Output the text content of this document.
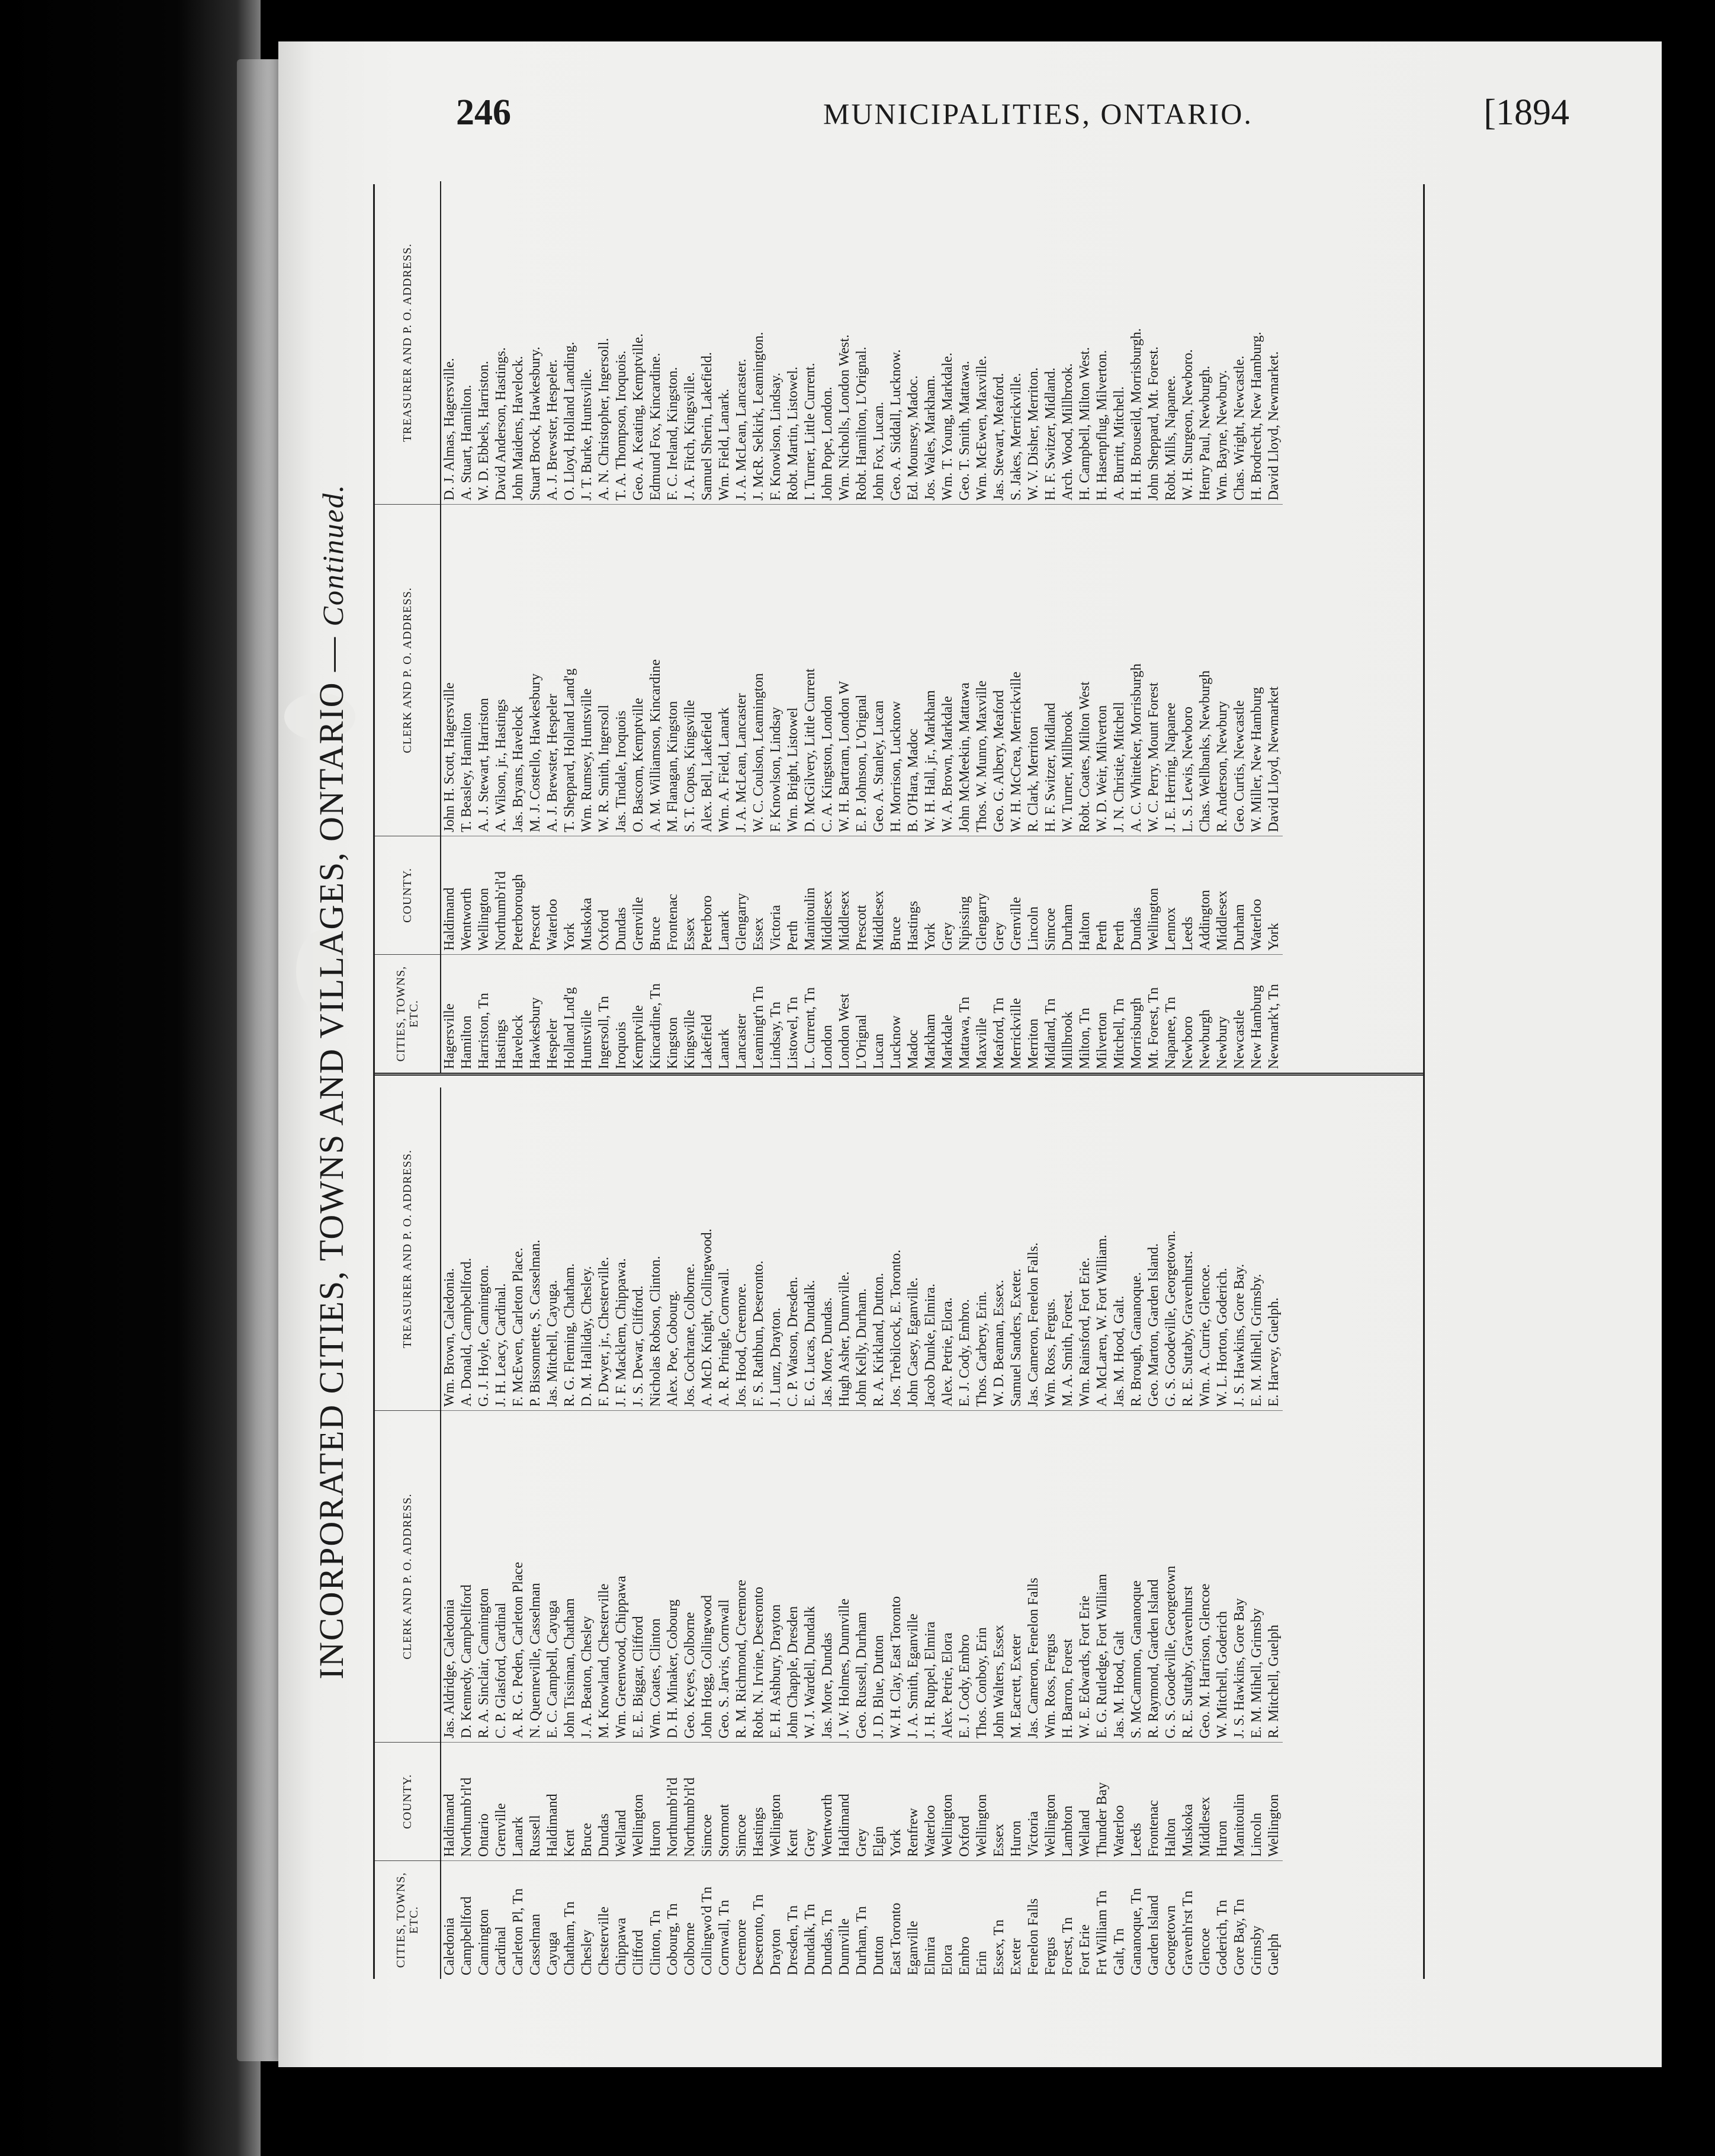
246	MUNICIPALITIES, ONTARIO.	[1894
INCORPORATED CITIES, TOWNS AND VILLAGES, ONTARIO — Continued.
CITIES, TOWNS, ETC.
COUNTY.
CLERK AND P. O. ADDRESS.
TREASURER AND P. O. ADDRESS.
Caledonia
Haldimand
Jas. Aldridge, Caledonia
Wm. Brown, Caledonia.
Campbellford
Northumb'rl'd
D. Kennedy, Campbellford
A. Donald, Campbellford.
Cannington
Ontario
R. A. Sinclair, Cannington
G. J. Hoyle, Cannington.
Cardinal
Grenville
C. P. Glasford, Cardinal
J. H. Leacy, Cardinal.
Carleton Pl, Tn
Lanark
A. R. G. Peden, Carleton Place
F. McEwen, Carleton Place.
Casselman
Russell
N. Quenneville, Casselman
P. Bissonnette, S. Casselman.
Cayuga
Haldimand
E. C. Campbell, Cayuga
Jas. Mitchell, Cayuga.
Chatham, Tn
Kent
John Tissiman, Chatham
R. G. Fleming, Chatham.
Chesley
Bruce
J. A. Beaton, Chesley
D. M. Halliday, Chesley.
Chesterville
Dundas
M. Knowland, Chesterville
F. Dwyer, jr., Chesterville.
Chippawa
Welland
Wm. Greenwood, Chippawa
J. F. Macklem, Chippawa.
Clifford
Wellington
E. E. Biggar, Clifford
J. S. Dewar, Clifford.
Clinton, Tn
Huron
Wm. Coates, Clinton
Nicholas Robson, Clinton.
Cobourg, Tn
Northumb'rl'd
D. H. Minaker, Cobourg
Alex. Poe, Cobourg.
Colborne
Northumb'rl'd
Geo. Keyes, Colborne
Jos. Cochrane, Colborne.
Collingwo'd Tn
Simcoe
John Hogg, Collingwood
A. McD. Knight, Collingwood.
Cornwall, Tn
Stormont
Geo. S. Jarvis, Cornwall
A. R. Pringle, Cornwall.
Creemore
Simcoe
R. M. Richmond, Creemore
Jos. Hood, Creemore.
Deseronto, Tn
Hastings
Robt. N. Irvine, Deseronto
F. S. Rathbun, Deseronto.
Drayton
Wellington
E. H. Ashbury, Drayton
J. Lunz, Drayton.
Dresden, Tn
Kent
John Chapple, Dresden
C. P. Watson, Dresden.
Dundalk, Tn
Grey
W. J. Wardell, Dundalk
E. G. Lucas, Dundalk.
Dundas, Tn
Wentworth
Jas. More, Dundas
Jas. More, Dundas.
Dunnville
Haldimand
J. W. Holmes, Dunnville
Hugh Asher, Dunnville.
Durham, Tn
Grey
Geo. Russell, Durham
John Kelly, Durham.
Dutton
Elgin
J. D. Blue, Dutton
R. A. Kirkland, Dutton.
East Toronto
York
W. H. Clay, East Toronto
Jos. Trebilcock, E. Toronto.
Eganville
Renfrew
J. A. Smith, Eganville
John Casey, Eganville.
Elmira
Waterloo
J. H. Ruppel, Elmira
Jacob Dunke, Elmira.
Elora
Wellington
Alex. Petrie, Elora
Alex. Petrie, Elora.
Embro
Oxford
E. J. Cody, Embro
E. J. Cody, Embro.
Erin
Wellington
Thos. Conboy, Erin
Thos. Carbery, Erin.
Essex, Tn
Essex
John Walters, Essex
W. D. Beaman, Essex.
Exeter
Huron
M. Eacrett, Exeter
Samuel Sanders, Exeter.
Fenelon Falls
Victoria
Jas. Cameron, Fenelon Falls
Jas. Cameron, Fenelon Falls.
Fergus
Wellington
Wm. Ross, Fergus
Wm. Ross, Fergus.
Forest, Tn
Lambton
H. Barron, Forest
M. A. Smith, Forest.
Fort Erie
Welland
W. E. Edwards, Fort Erie
Wm. Rainsford, Fort Erie.
Frt William Tn
Thunder Bay
E. G. Rutledge, Fort William
A. McLaren, W. Fort William.
Galt, Tn
Waterloo
Jas. M. Hood, Galt
Jas. M. Hood, Galt.
Gananoque, Tn
Leeds
S. McCammon, Gananoque
R. Brough, Gananoque.
Garden Island
Frontenac
R. Raymond, Garden Island
Geo. Marton, Garden Island.
Georgetown
Halton
G. S. Goodeville, Georgetown
G. S. Goodeville, Georgetown.
Gravenh'rst Tn
Muskoka
R. E. Suttaby, Gravenhurst
R. E. Suttaby, Gravenhurst.
Glencoe
Middlesex
Geo. M. Harrison, Glencoe
Wm. A. Currie, Glencoe.
Goderich, Tn
Huron
W. Mitchell, Goderich
W. L. Horton, Goderich.
Gore Bay, Tn
Manitoulin
J. S. Hawkins, Gore Bay
J. S. Hawkins, Gore Bay.
Grimsby
Lincoln
E. M. Mihell, Grimsby
E. M. Mihell, Grimsby.
Guelph
Wellington
R. Mitchell, Guelph
E. Harvey, Guelph.
CITIES, TOWNS, ETC.
COUNTY.
CLERK AND P. O. ADDRESS.
TREASURER AND P. O. ADDRESS.
Hagersville
Haldimand
John H. Scott, Hagersville
D. J. Almas, Hagersville.
Hamilton
Wentworth
T. Beasley, Hamilton
A. Stuart, Hamilton.
Harriston, Tn
Wellington
A. J. Stewart, Harriston
W. D. Ebbels, Harriston.
Hastings
Northumb'rl'd
A. Wilson, jr., Hastings
David Anderson, Hastings.
Havelock
Peterborough
Jas. Bryans, Havelock
John Maidens, Havelock.
Hawkesbury
Prescott
M. J. Costello, Hawkesbury
Stuart Brock, Hawkesbury.
Hespeler
Waterloo
A. J. Brewster, Hespeler
A. J. Brewster, Hespeler.
Holland Lnd'g
York
T. Sheppard, Holland Land'g
O. Lloyd, Holland Landing.
Huntsville
Muskoka
Wm. Rumsey, Huntsville
J. T. Burke, Huntsville.
Ingersoll, Tn
Oxford
W. R. Smith, Ingersoll
A. N. Christopher, Ingersoll.
Iroquois
Dundas
Jas. Tindale, Iroquois
T. A. Thompson, Iroquois.
Kemptville
Grenville
O. Bascom, Kemptville
Geo. A. Keating, Kemptville.
Kincardine, Tn
Bruce
A. M. Williamson, Kincardine
Edmund Fox, Kincardine.
Kingston
Frontenac
M. Flanagan, Kingston
F. C. Ireland, Kingston.
Kingsville
Essex
S. T. Copus, Kingsville
J. A. Fitch, Kingsville.
Lakefield
Peterboro
Alex. Bell, Lakefield
Samuel Sherin, Lakefield.
Lanark
Lanark
Wm. A. Field, Lanark
Wm. Field, Lanark.
Lancaster
Glengarry
J. A. McLean, Lancaster
J. A. McLean, Lancaster.
Leamingt'n Tn
Essex
W. C. Coulson, Leamington
J. McR. Selkirk, Leamington.
Lindsay, Tn
Victoria
F. Knowlson, Lindsay
F. Knowlson, Lindsay.
Listowel, Tn
Perth
Wm. Bright, Listowel
Robt. Martin, Listowel.
L. Current, Tn
Manitoulin
D. McGilvery, Little Current
I. Turner, Little Current.
London
Middlesex
C. A. Kingston, London
John Pope, London.
London West
Middlesex
W. H. Bartram, London W
Wm. Nicholls, London West.
L'Orignal
Prescott
E. P. Johnson, L'Orignal
Robt. Hamilton, L'Orignal.
Lucan
Middlesex
Geo. A. Stanley, Lucan
John Fox, Lucan.
Lucknow
Bruce
H. Morrison, Lucknow
Geo. A. Siddall, Lucknow.
Madoc
Hastings
B. O'Hara, Madoc
Ed. Mounsey, Madoc.
Markham
York
W. H. Hall, jr., Markham
Jos. Wales, Markham.
Markdale
Grey
W. A. Brown, Markdale
Wm. T. Young, Markdale.
Mattawa, Tn
Nipissing
John McMeekin, Mattawa
Geo. T. Smith, Mattawa.
Maxville
Glengarry
Thos. W. Munro, Maxville
Wm. McEwen, Maxville.
Meaford, Tn
Grey
Geo. G. Albery, Meaford
Jas. Stewart, Meaford.
Merrickville
Grenville
W. H. McCrea, Merrickville
S. Jakes, Merrickville.
Merriton
Lincoln
R. Clark, Merriton
W. V. Disher, Merriton.
Midland, Tn
Simcoe
H. F. Switzer, Midland
H. F. Switzer, Midland.
Millbrook
Durham
W. Turner, Millbrook
Arch. Wood, Millbrook.
Milton, Tn
Halton
Robt. Coates, Milton West
H. Campbell, Milton West.
Milverton
Perth
W. D. Weir, Milverton
H. Hasenpflug, Milverton.
Mitchell, Tn
Perth
J. N. Christie, Mitchell
A. Burritt, Mitchell.
Morrisburgh
Dundas
A. C. Whitteker, Morrisburgh
H. H. Brouseild, Morrisburgh.
Mt. Forest, Tn
Wellington
W. C. Perry, Mount Forest
John Sheppard, Mt. Forest.
Napanee, Tn
Lennox
J. E. Herring, Napanee
Robt. Mills, Napanee.
Newboro
Leeds
L. S. Lewis, Newboro
W. H. Sturgeon, Newboro.
Newburgh
Addington
Chas. Wellbanks, Newburgh
Henry Paul, Newburgh.
Newbury
Middlesex
R. Anderson, Newbury
Wm. Bayne, Newbury.
Newcastle
Durham
Geo. Curtis, Newcastle
Chas. Wright, Newcastle.
New Hamburg
Waterloo
W. Miller, New Hamburg
H. Brodrecht, New Hamburg.
Newmark't, Tn
York
David Lloyd, Newmarket
David Lloyd, Newmarket.
